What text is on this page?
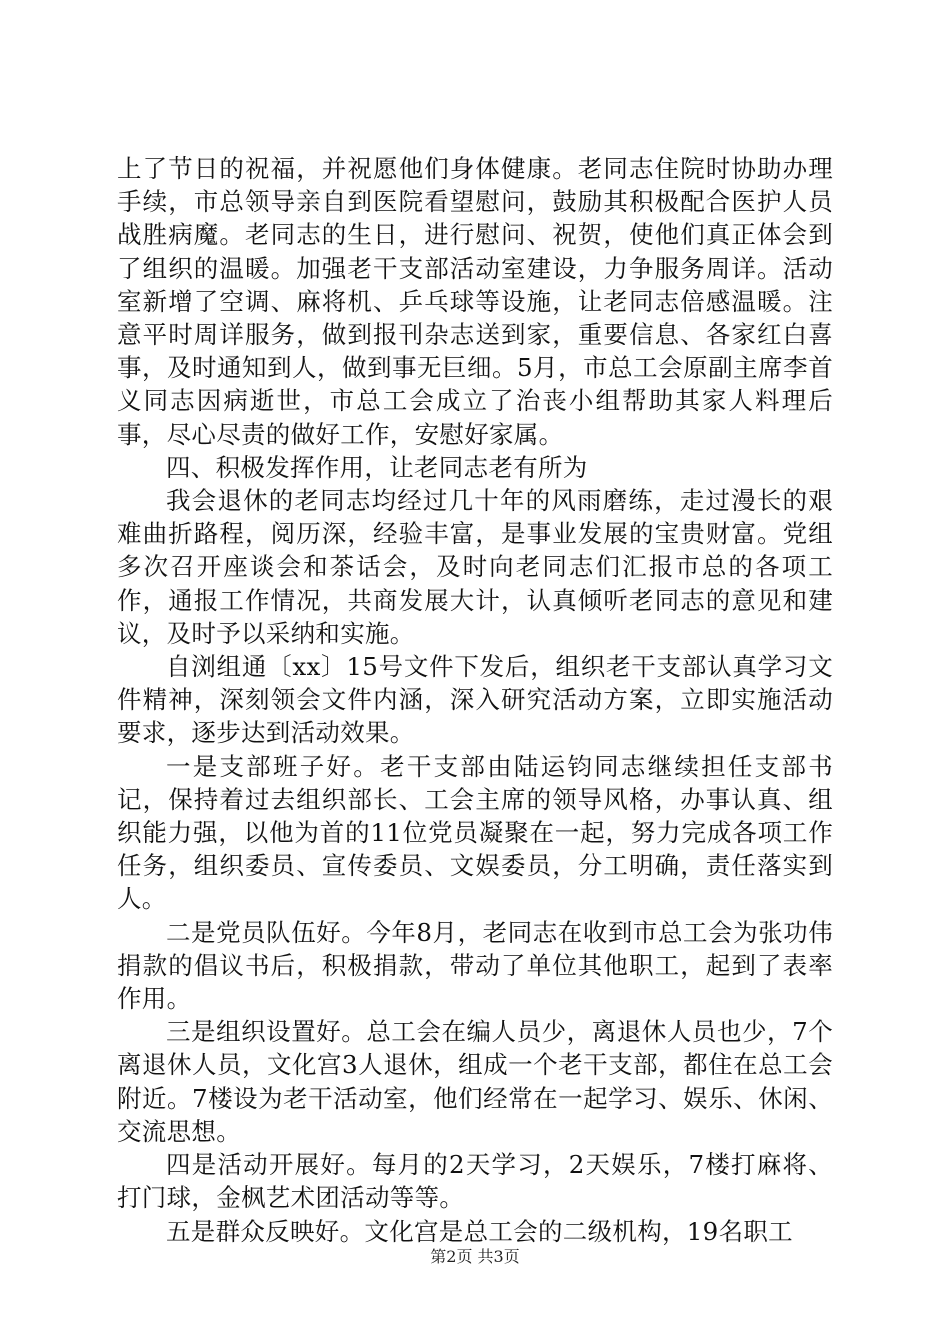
上了节日的祝福，并祝愿他们身体健康。老同志住院时协助办理手续，市总领导亲自到医院看望慰问，鼓励其积极配合医护人员战胜病魔。老同志的生日，进行慰问、祝贺，使他们真正体会到了组织的温暖。加强老干支部活动室建设，力争服务周详。活动室新增了空调、麻将机、乒乓球等设施，让老同志倍感温暖。注意平时周详服务，做到报刊杂志送到家，重要信息、各家红白喜事，及时通知到人，做到事无巨细。5月，市总工会原副主席李首义同志因病逝世，市总工会成立了治丧小组帮助其家人料理后事，尽心尽责的做好工作，安慰好家属。

四、积极发挥作用，让老同志老有所为

我会退休的老同志均经过几十年的风雨磨练，走过漫长的艰难曲折路程，阅历深，经验丰富，是事业发展的宝贵财富。党组多次召开座谈会和茶话会，及时向老同志们汇报市总的各项工作，通报工作情况，共商发展大计，认真倾听老同志的意见和建议，及时予以采纳和实施。

自浏组通〔xx〕15号文件下发后，组织老干支部认真学习文件精神，深刻领会文件内涵，深入研究活动方案，立即实施活动要求，逐步达到活动效果。

一是支部班子好。老干支部由陆运钧同志继续担任支部书记，保持着过去组织部长、工会主席的领导风格，办事认真、组织能力强，以他为首的11位党员凝聚在一起，努力完成各项工作任务，组织委员、宣传委员、文娱委员，分工明确，责任落实到人。

二是党员队伍好。今年8月，老同志在收到市总工会为张功伟捐款的倡议书后，积极捐款，带动了单位其他职工，起到了表率作用。

三是组织设置好。总工会在编人员少，离退休人员也少，7个离退休人员，文化宫3人退休，组成一个老干支部，都住在总工会附近。7楼设为老干活动室，他们经常在一起学习、娱乐、休闲、交流思想。

四是活动开展好。每月的2天学习，2天娱乐，7楼打麻将、打门球，金枫艺术团活动等等。

五是群众反映好。文化宫是总工会的二级机构，19名职工

第2页 共3页
